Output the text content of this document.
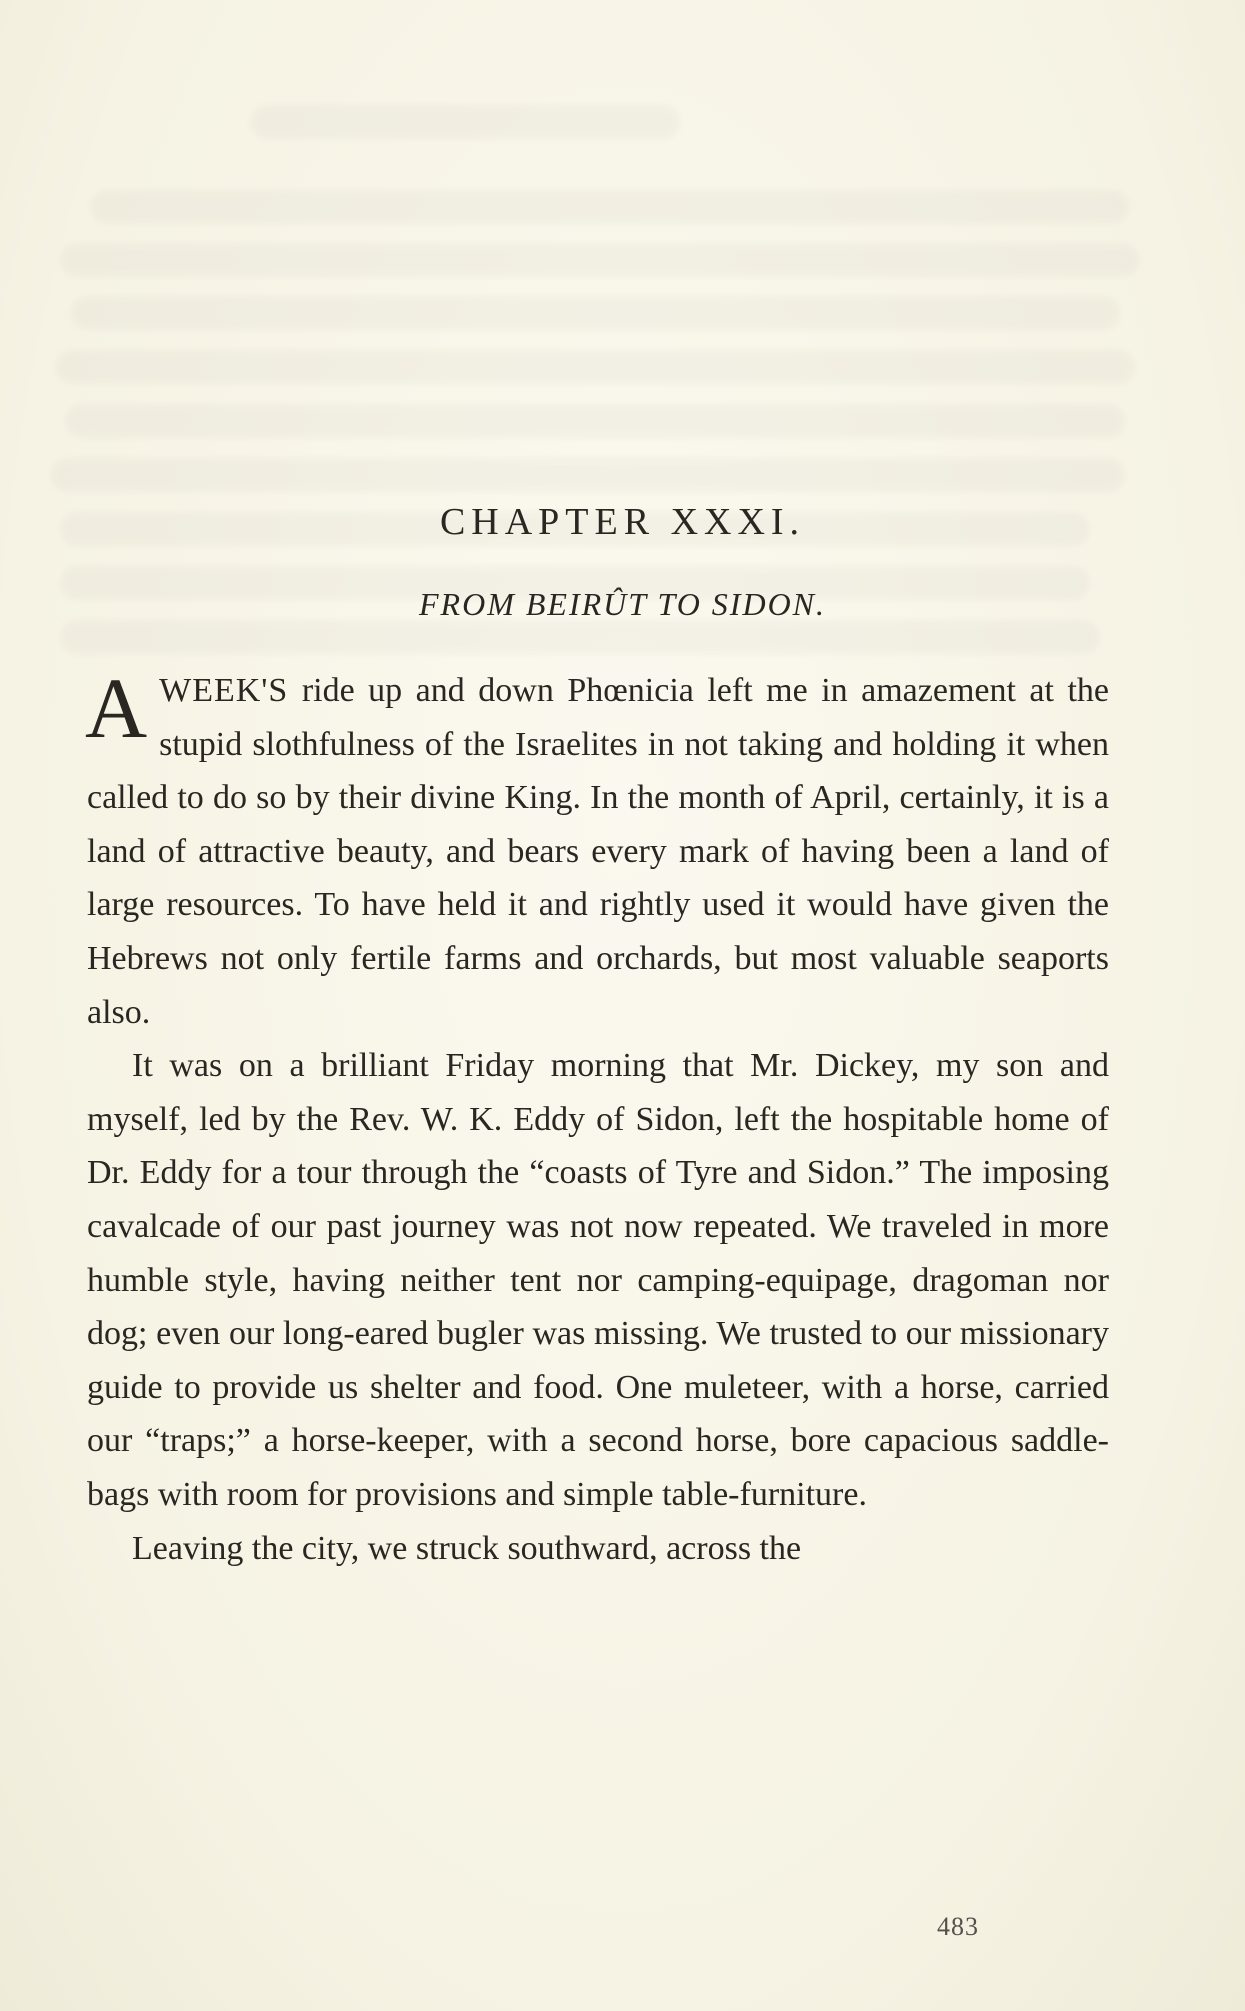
CHAPTER XXXI.
FROM BEIRÛT TO SIDON.

AWEEK'S ride up and down Phœnicia left me in amazement at the stupid slothfulness of the Israelites in not taking and holding it when called to do so by their divine King. In the month of April, certainly, it is a land of attractive beauty, and bears every mark of having been a land of large resources. To have held it and rightly used it would have given the Hebrews not only fertile farms and orchards, but most valuable seaports also.

It was on a brilliant Friday morning that Mr. Dickey, my son and myself, led by the Rev. W. K. Eddy of Sidon, left the hospitable home of Dr. Eddy for a tour through the “coasts of Tyre and Sidon.” The imposing cavalcade of our past journey was not now repeated. We traveled in more humble style, having neither tent nor camping-equipage, dragoman nor dog; even our long-eared bugler was missing. We trusted to our missionary guide to provide us shelter and food. One muleteer, with a horse, carried our “traps;” a horse-keeper, with a second horse, bore capacious saddle-bags with room for provisions and simple table-furniture.

Leaving the city, we struck southward, across the

483
